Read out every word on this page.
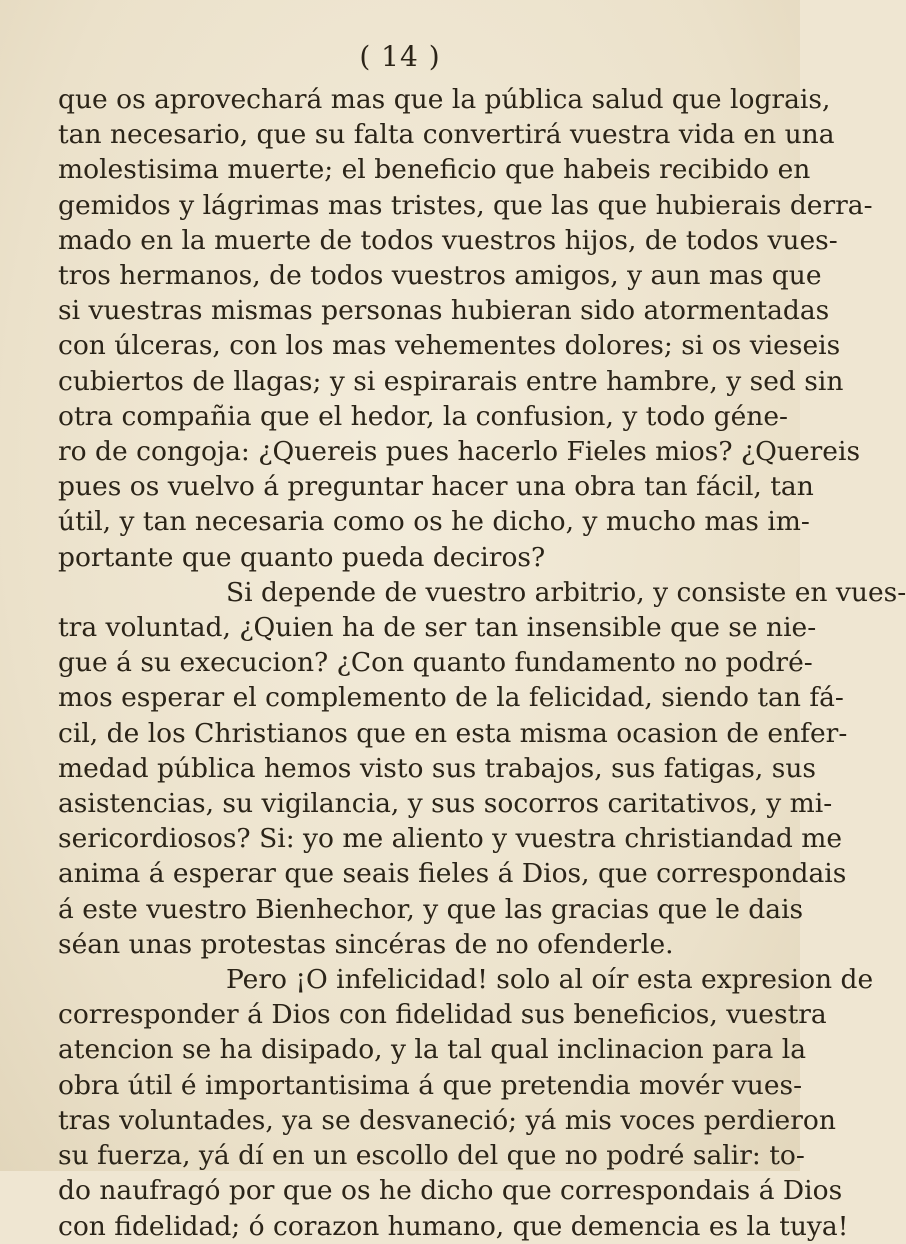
( 14 )
que os aprovechará mas que la pública salud que lograis,
tan necesario, que su falta convertirá vuestra vida en una
molestisima muerte; el beneficio que habeis recibido en
gemidos y lágrimas mas tristes, que las que hubierais derra-
mado en la muerte de todos vuestros hijos, de todos vues-
tros hermanos, de todos vuestros amigos, y aun mas que
si vuestras mismas personas hubieran sido atormentadas
con úlceras, con los mas vehementes dolores; si os vieseis
cubiertos de llagas; y si espirarais entre hambre, y sed sin
otra compañia que el hedor, la confusion, y todo géne-
ro de congoja: ¿Quereis pues hacerlo Fieles mios? ¿Quereis
pues os vuelvo á preguntar hacer una obra tan fácil, tan
útil, y tan necesaria como os he dicho, y mucho mas im-
portante que quanto pueda deciros?
Si depende de vuestro arbitrio, y consiste en vues-
tra voluntad, ¿Quien ha de ser tan insensible que se nie-
gue á su execucion? ¿Con quanto fundamento no podré-
mos esperar el complemento de la felicidad, siendo tan fá-
cil, de los Christianos que en esta misma ocasion de enfer-
medad pública hemos visto sus trabajos, sus fatigas, sus
asistencias, su vigilancia, y sus socorros caritativos, y mi-
sericordiosos? Si: yo me aliento y vuestra christiandad me
anima á esperar que seais fieles á Dios, que correspondais
á este vuestro Bienhechor, y que las gracias que le dais
séan unas protestas sincéras de no ofenderle.
Pero ¡O infelicidad! solo al oír esta expresion de
corresponder á Dios con fidelidad sus beneficios, vuestra
atencion se ha disipado, y la tal qual inclinacion para la
obra útil é importantisima á que pretendia movér vues-
tras voluntades, ya se desvaneció; yá mis voces perdieron
su fuerza, yá dí en un escollo del que no podré salir: to-
do naufragó por que os he dicho que correspondais á Dios
con fidelidad; ó corazon humano, que demencia es la tuya!
